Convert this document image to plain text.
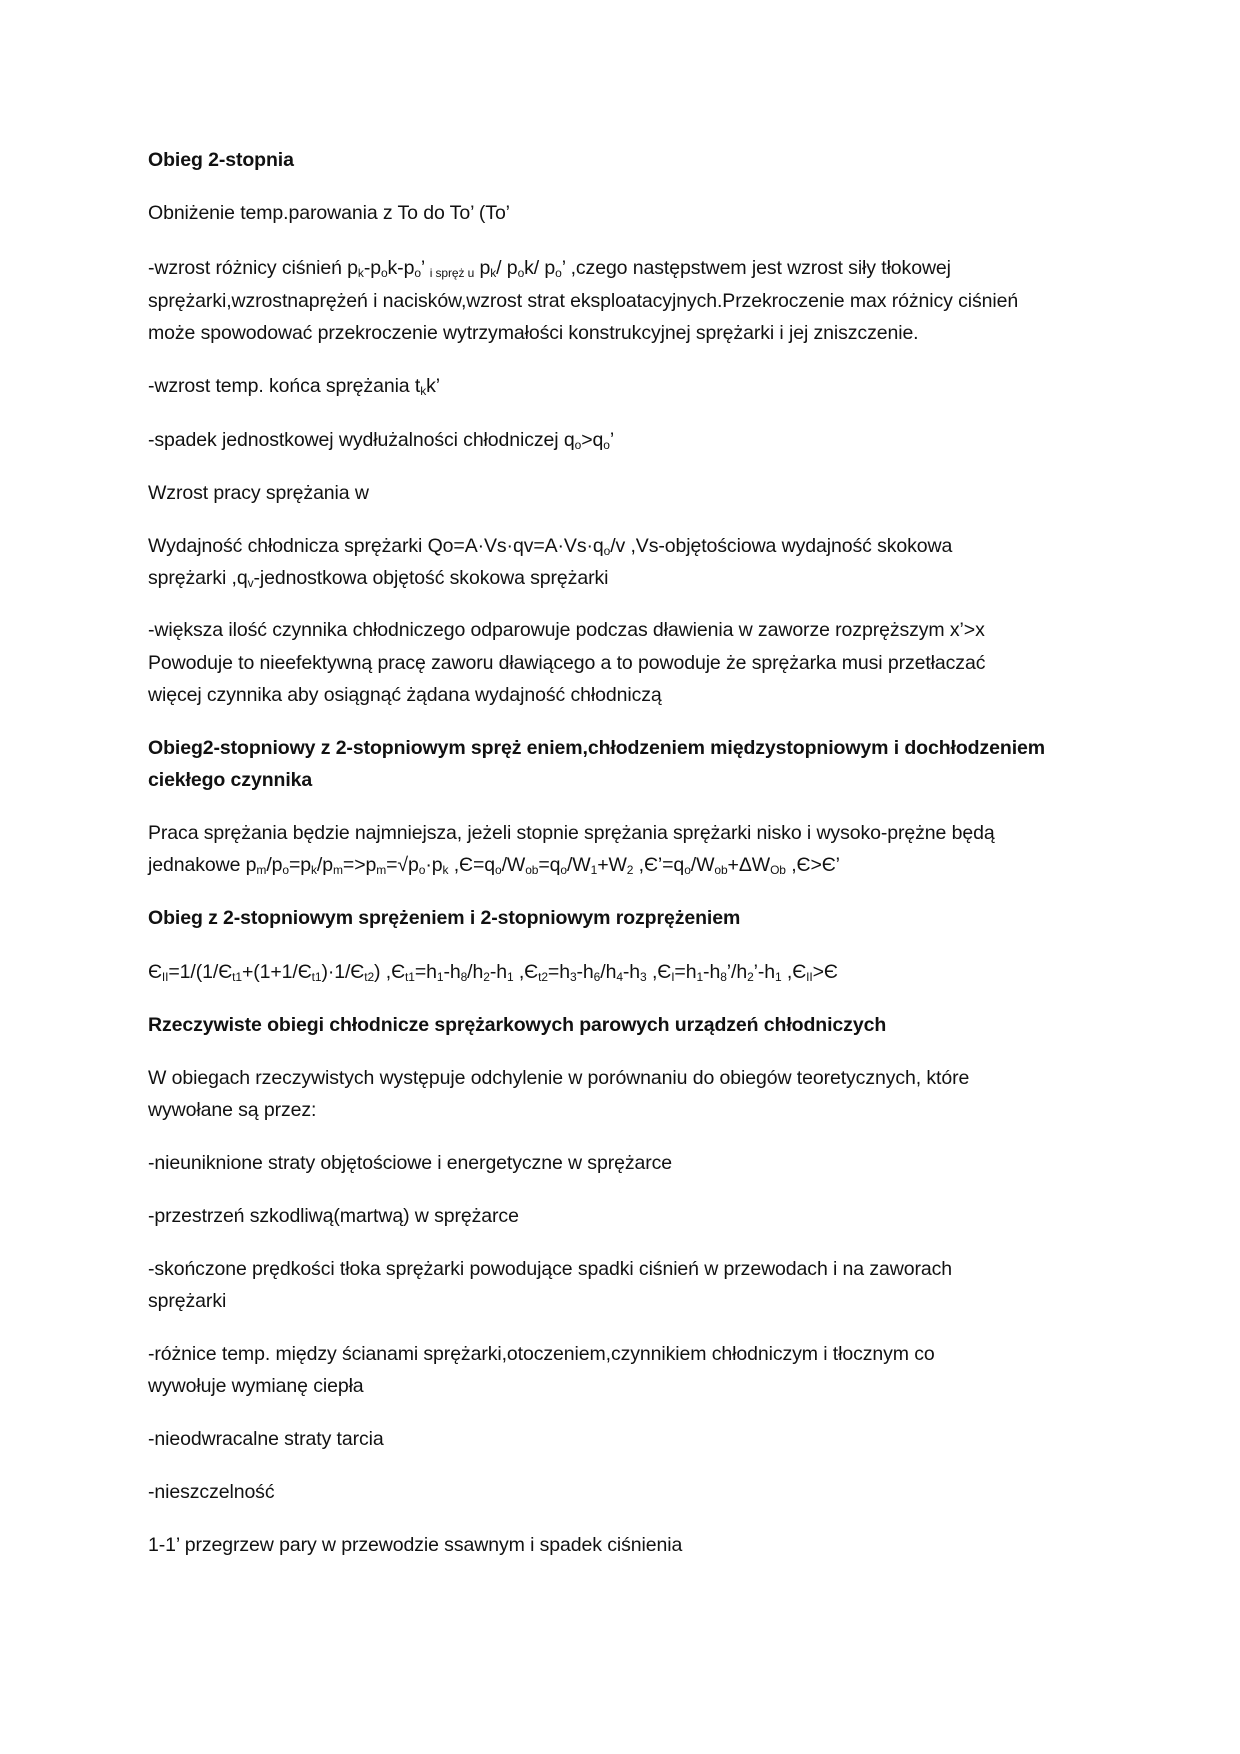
Obieg 2-stopnia

Obniżenie temp.parowania z To do To’ (To’

-wzrost różnicy ciśnień $p_k-p_ok-p_o$’ $_{i spręż u}$ $p_k/$ $p_ok/$ $p_o$’ ,czego następstwem jest wzrost siły tłokowej

sprężarki,wzrostnaprężeń i nacisków,wzrost strat eksploatacyjnych.Przekroczenie max różnicy ciśnień

może spowodować przekroczenie wytrzymałości konstrukcyjnej sprężarki i jej zniszczenie.

-wzrost temp. końca sprężania $t_kk$’

-spadek jednostkowej wydłużalności chłodniczej $q_o>q_o$’

Wzrost pracy sprężania w

Wydajność chłodnicza sprężarki $Qo=A\cdot Vs\cdot qv=A\cdot Vs\cdot q_o/v$ ,Vs-objętościowa wydajność skokowa

sprężarki $,q_v$-jednostkowa objętość skokowa sprężarki

-większa ilość czynnika chłodniczego odparowuje podczas dławienia w zaworze rozpręższym x’>x

Powoduje to nieefektywną pracę zaworu dławiącego a to powoduje że sprężarka musi przetłaczać

więcej czynnika aby osiągnąć żądana wydajność chłodniczą

Obieg2-stopniowy z 2-stopniowym spręż eniem,chłodzeniem międzystopniowym i dochłodzeniem

ciekłego czynnika

Praca sprężania będzie najmniejsza, jeżeli stopnie sprężania sprężarki nisko i wysoko-prężne będą

jednakowe $p_m/p_o=p_k/p_m=>p_m=√p_o\cdot p_k$ $,Є=q_o/W_{ob}=q_o/W_1+W_2$ $,Є’=q_o/W_{ob}+\Delta W_{Ob}$ ,Є>Є’

Obieg z 2-stopniowym sprężeniem i 2-stopniowym rozprężeniem

$Є_{II}=1/(1/Є_{t1}+(1+1/Є_{t1})\cdot 1/Є_{t2})$ $,Є_{t1}=h_1-h_8/h_2-h_1$ $,Є_{t2}=h_3-h_6/h_4-h_3$ $,Є_I=h_1-h_8’/h_2’-h_1$ $,Є_{II}>Є$

Rzeczywiste obiegi chłodnicze sprężarkowych parowych urządzeń chłodniczych

W obiegach rzeczywistych występuje odchylenie w porównaniu do obiegów teoretycznych, które

wywołane są przez:

-nieuniknione straty objętościowe i energetyczne w sprężarce

-przestrzeń szkodliwą(martwą) w sprężarce

-skończone prędkości tłoka sprężarki powodujące spadki ciśnień w przewodach i na zaworach

sprężarki

-różnice temp. między ścianami sprężarki,otoczeniem,czynnikiem chłodniczym i tłocznym co

wywołuje wymianę ciepła

-nieodwracalne straty tarcia

-nieszczelność

1-1’ przegrzew pary w przewodzie ssawnym i spadek ciśnienia
